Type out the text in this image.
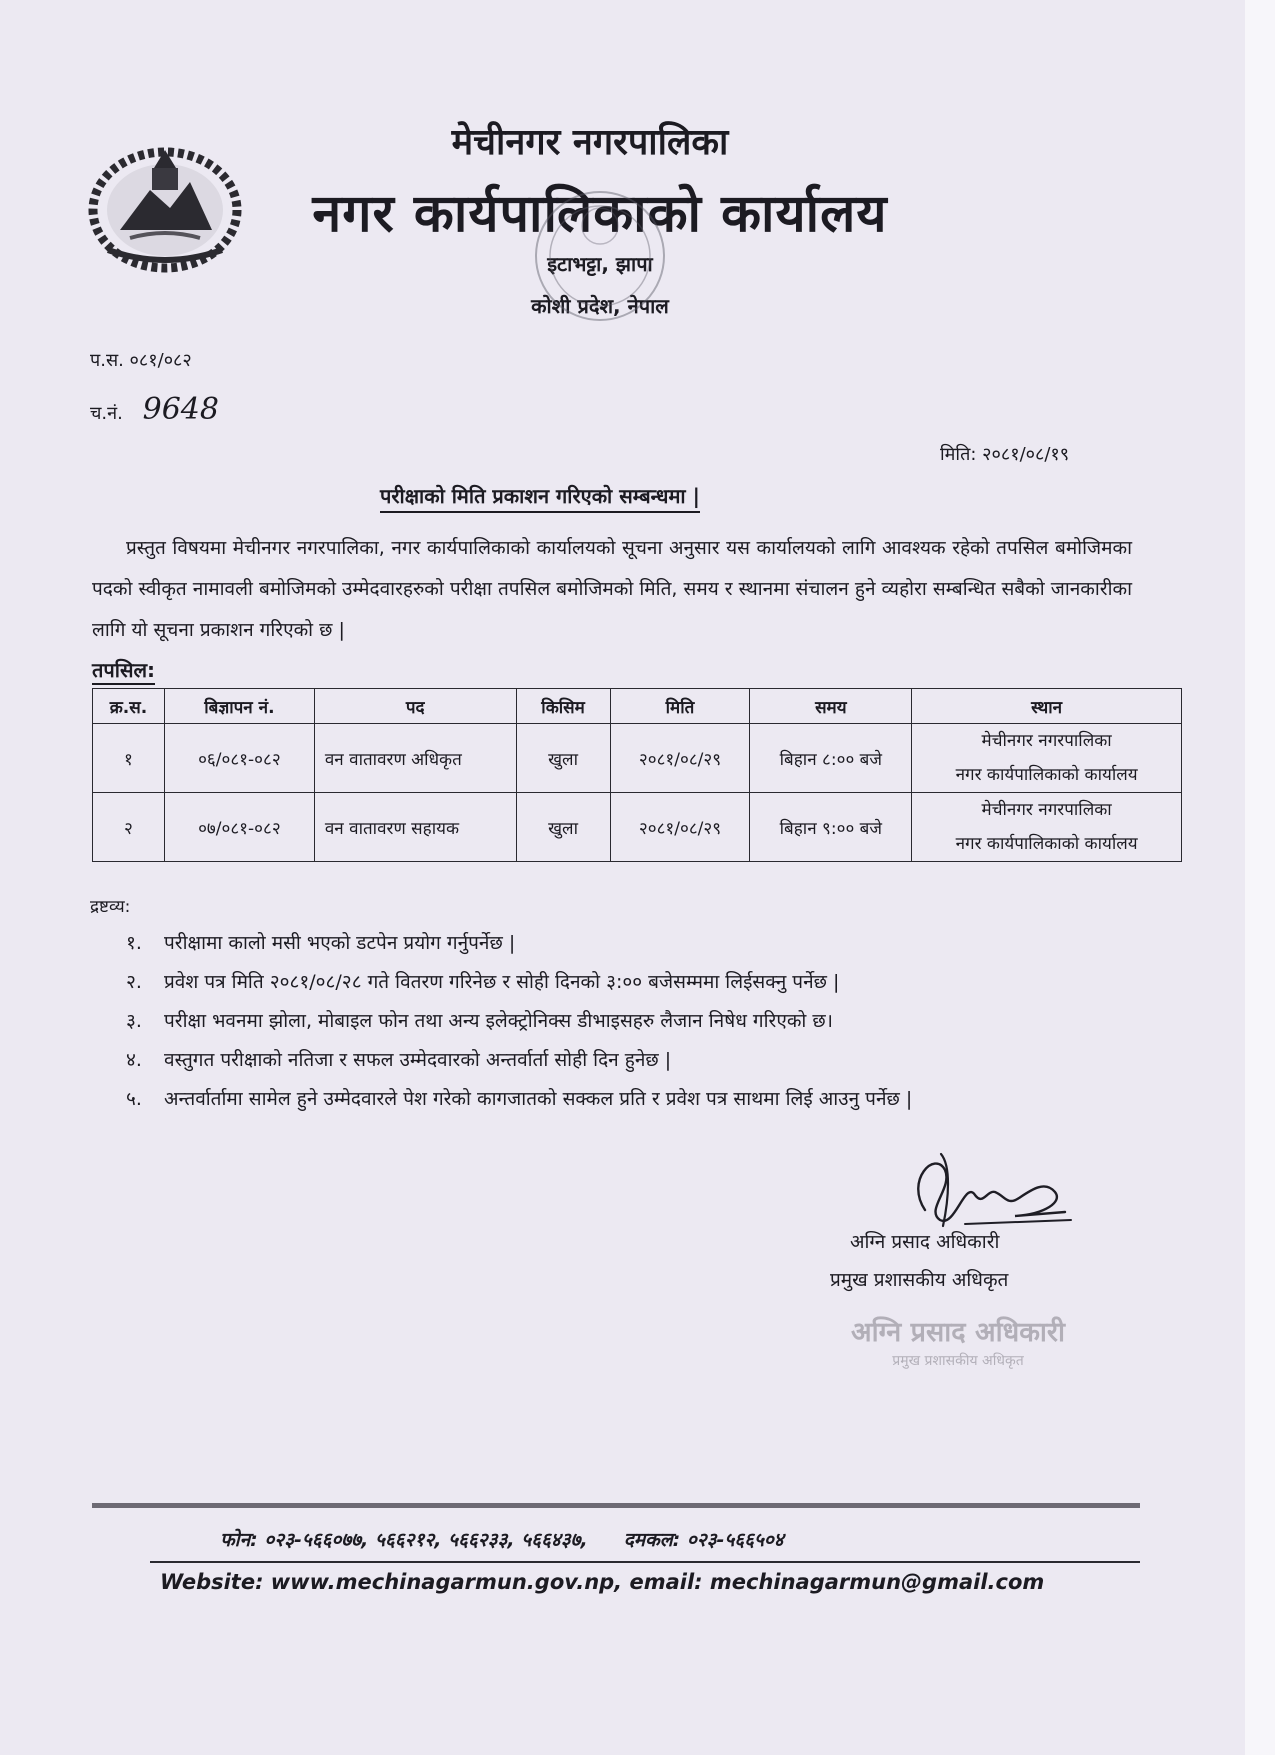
मेचीनगर नगरपालिका
नगर कार्यपालिकाको कार्यालय
इटाभट्टा, झापा
कोशी प्रदेश, नेपाल
प.स. ०८१/०८२
च.नं. 9648
मिति: २०८१/०८/१९
परीक्षाको मिति प्रकाशन गरिएको सम्बन्धमा |
प्रस्तुत विषयमा मेचीनगर नगरपालिका, नगर कार्यपालिकाको कार्यालयको सूचना अनुसार यस कार्यालयको लागि आवश्यक रहेको तपसिल बमोजिमका पदको स्वीकृत नामावली बमोजिमको उम्मेदवारहरुको परीक्षा तपसिल बमोजिमको मिति, समय र स्थानमा संचालन हुने व्यहोरा सम्बन्धित सबैको जानकारीका लागि यो सूचना प्रकाशन गरिएको छ |
तपसिल:
क्र.स.	बिज्ञापन नं.	पद	किसिम	मिति	समय	स्थान
१	०६/०८१-०८२	वन वातावरण अधिकृत	खुला	२०८१/०८/२९	बिहान ८:०० बजे	मेचीनगर नगरपालिका
नगर कार्यपालिकाको कार्यालय

२	०७/०८१-०८२	वन वातावरण सहायक	खुला	२०८१/०८/२९	बिहान ९:०० बजे	मेचीनगर नगरपालिका
नगर कार्यपालिकाको कार्यालय
द्रष्टव्य:
१. परीक्षामा कालो मसी भएको डटपेन प्रयोग गर्नुपर्नेछ |
२. प्रवेश पत्र मिति २०८१/०८/२८ गते वितरण गरिनेछ र सोही दिनको ३:०० बजेसम्ममा लिईसक्नु पर्नेछ |
३. परीक्षा भवनमा झोला, मोबाइल फोन तथा अन्य इलेक्ट्रोनिक्स डीभाइसहरु लैजान निषेध गरिएको छ।
४. वस्तुगत परीक्षाको नतिजा र सफल उम्मेदवारको अन्तर्वार्ता सोही दिन हुनेछ |
५. अन्तर्वार्तामा सामेल हुने उम्मेदवारले पेश गरेको कागजातको सक्कल प्रति र प्रवेश पत्र साथमा लिई आउनु पर्नेछ |
अग्नि प्रसाद अधिकारी
प्रमुख प्रशासकीय अधिकृत
अग्नि प्रसाद अधिकारी
प्रमुख प्रशासकीय अधिकृत
फोन: ०२३-५६६०७७, ५६६२१२, ५६६२३३, ५६६४३७, दमकल: ०२३-५६६५०४
Website: www.mechinagarmun.gov.np, email: mechinagarmun@gmail.com
